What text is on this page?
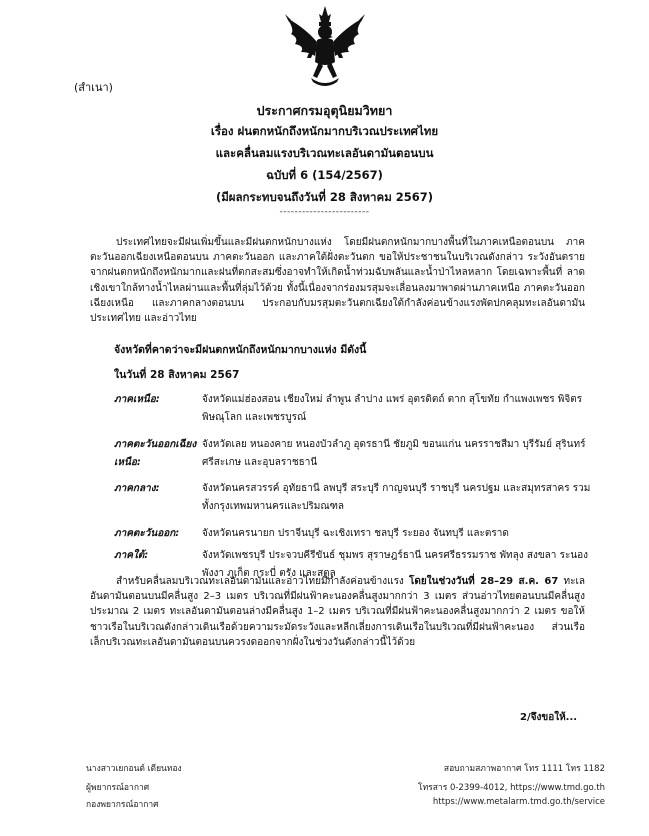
(สำเนา)
ประกาศกรมอุตุนิยมวิทยา
เรื่อง ฝนตกหนักถึงหนักมากบริเวณประเทศไทย
และคลื่นลมแรงบริเวณทะเลอันดามันตอนบน
ฉบับที่ 6 (154/2567)
(มีผลกระทบจนถึงวันที่ 28 สิงหาคม 2567)
------------------------
ประเทศไทยจะมีฝนเพิ่มขึ้นและมีฝนตกหนักบางแห่ง โดยมีฝนตกหนักมากบางพื้นที่ในภาคเหนือตอนบน ภาคตะวันออกเฉียงเหนือตอนบน ภาคตะวันออก และภาคใต้ฝั่งตะวันตก ขอให้ประชาชนในบริเวณดังกล่าว ระวังอันตรายจากฝนตกหนักถึงหนักมากและฝนที่ตกสะสมซึ่งอาจทำให้เกิดน้ำท่วมฉับพลันและน้ำป่าไหลหลาก โดยเฉพาะพื้นที่ ลาดเชิงเขาใกล้ทางน้ำไหลผ่านและพื้นที่ลุ่มไว้ด้วย ทั้งนี้เนื่องจากร่องมรสุมจะเลื่อนลงมาพาดผ่านภาคเหนือ ภาคตะวันออกเฉียงเหนือ และภาคกลางตอนบน ประกอบกับมรสุมตะวันตกเฉียงใต้กำลังค่อนข้างแรงพัดปกคลุมทะเลอันดามัน ประเทศไทย และอ่าวไทย
จังหวัดที่คาดว่าจะมีฝนตกหนักถึงหนักมากบางแห่ง มีดังนี้
ในวันที่ 28 สิงหาคม 2567
ภาคเหนือ:	จังหวัดแม่ฮ่องสอน เชียงใหม่ ลำพูน ลำปาง แพร่ อุตรดิตถ์ ตาก สุโขทัย กำแพงเพชร พิจิตร พิษณุโลก และเพชรบูรณ์
ภาคตะวันออกเฉียงเหนือ:
จังหวัดเลย หนองคาย หนองบัวลำภู อุดรธานี ชัยภูมิ ขอนแก่น นครราชสีมา บุรีรัมย์ สุรินทร์ ศรีสะเกษ และอุบลราชธานี
ภาคกลาง:	จังหวัดนครสวรรค์ อุทัยธานี ลพบุรี สระบุรี กาญจนบุรี ราชบุรี นครปฐม และสมุทรสาคร รวมทั้งกรุงเทพมหานครและปริมณฑล
ภาคตะวันออก:	จังหวัดนครนายก ปราจีนบุรี ฉะเชิงเทรา ชลบุรี ระยอง จันทบุรี และตราด
ภาคใต้:	จังหวัดเพชรบุรี ประจวบคีรีขันธ์ ชุมพร สุราษฎร์ธานี นครศรีธรรมราช พัทลุง สงขลา ระนอง พังงา ภูเก็ต กระบี่ ตรัง และสตูล
สำหรับคลื่นลมบริเวณทะเลอันดามันและอ่าวไทยมีกำลังค่อนข้างแรง โดยในช่วงวันที่ 28–29 ส.ค. 67 ทะเลอันดามันตอนบนมีคลื่นสูง 2–3 เมตร บริเวณที่มีฝนฟ้าคะนองคลื่นสูงมากกว่า 3 เมตร ส่วนอ่าวไทยตอนบนมีคลื่นสูงประมาณ 2 เมตร ทะเลอันดามันตอนล่างมีคลื่นสูง 1–2 เมตร บริเวณที่มีฝนฟ้าคะนองคลื่นสูงมากกว่า 2 เมตร ขอให้ชาวเรือในบริเวณดังกล่าวเดินเรือด้วยความระมัดระวังและหลีกเลี่ยงการเดินเรือในบริเวณที่มีฝนฟ้าคะนอง ส่วนเรือเล็กบริเวณทะเลอันดามันตอนบนควรงดออกจากฝั่งในช่วงวันดังกล่าวนี้ไว้ด้วย
2/จึงขอให้...
นางสาวเยกอนต์ เตียนทอง
ผู้พยากรณ์อากาศ
กองพยากรณ์อากาศ
สอบถามสภาพอากาศ โทร 1111 โทร 1182
โทรสาร 0-2399-4012, https://www.tmd.go.th
https://www.metalarm.tmd.go.th/service
